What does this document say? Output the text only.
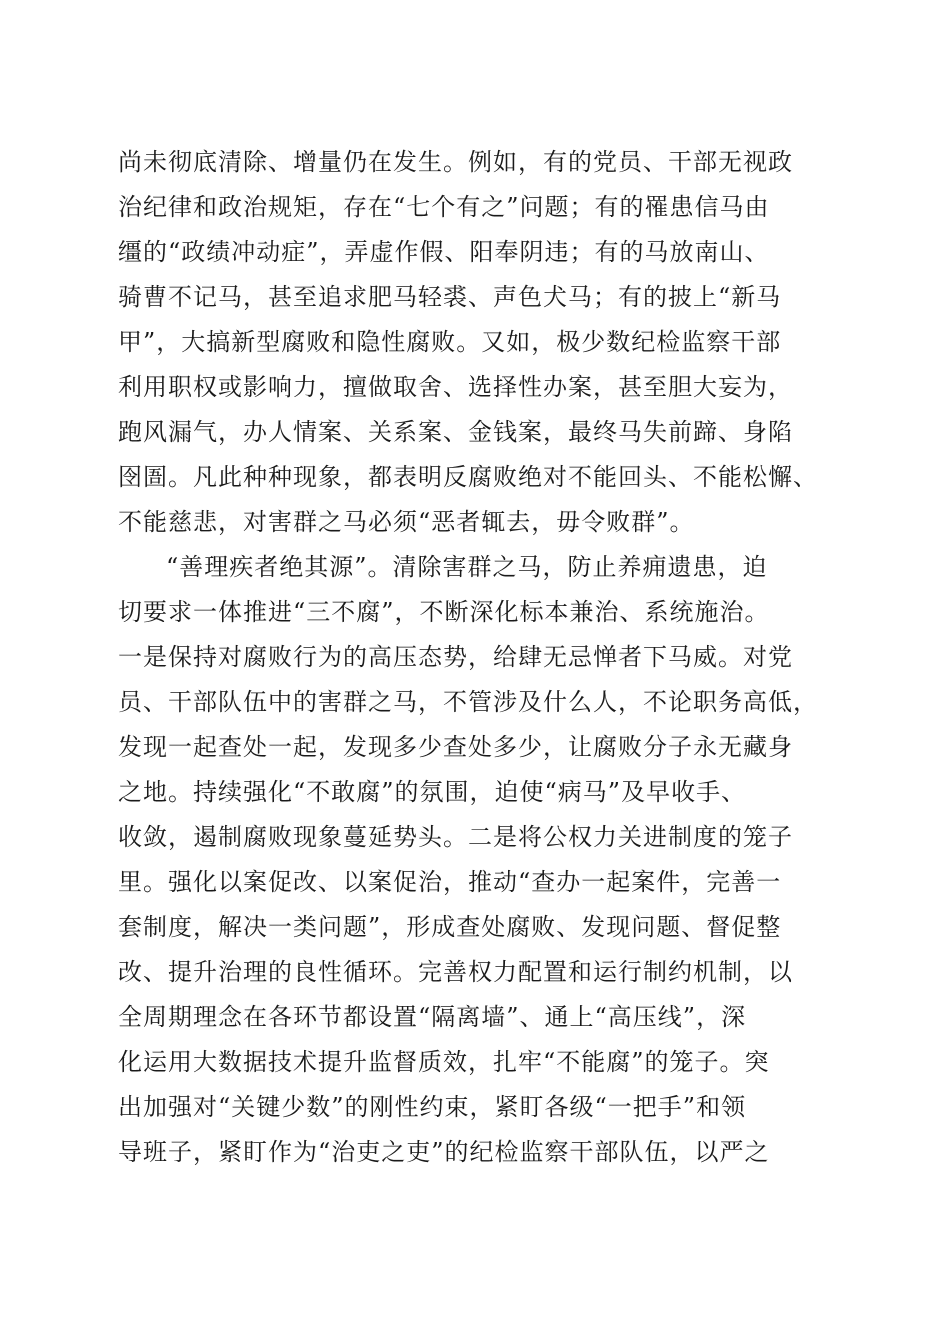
尚未彻底清除、增量仍在发生。例如，有的党员、干部无视政
治纪律和政治规矩，存在“七个有之”问题；有的罹患信马由
缰的“政绩冲动症”，弄虚作假、阳奉阴违；有的马放南山、
骑曹不记马，甚至追求肥马轻裘、声色犬马；有的披上“新马
甲”，大搞新型腐败和隐性腐败。又如，极少数纪检监察干部
利用职权或影响力，擅做取舍、选择性办案，甚至胆大妄为，
跑风漏气，办人情案、关系案、金钱案，最终马失前蹄、身陷
囹圄。凡此种种现象，都表明反腐败绝对不能回头、不能松懈、
不能慈悲，对害群之马必须“恶者辄去，毋令败群”。
“善理疾者绝其源”。清除害群之马，防止养痈遗患，迫
切要求一体推进“三不腐”，不断深化标本兼治、系统施治。
一是保持对腐败行为的高压态势，给肆无忌惮者下马威。对党
员、干部队伍中的害群之马，不管涉及什么人，不论职务高低，
发现一起查处一起，发现多少查处多少，让腐败分子永无藏身
之地。持续强化“不敢腐”的氛围，迫使“病马”及早收手、
收敛，遏制腐败现象蔓延势头。二是将公权力关进制度的笼子
里。强化以案促改、以案促治，推动“查办一起案件，完善一
套制度，解决一类问题”，形成查处腐败、发现问题、督促整
改、提升治理的良性循环。完善权力配置和运行制约机制，以
全周期理念在各环节都设置“隔离墙”、通上“高压线”，深
化运用大数据技术提升监督质效，扎牢“不能腐”的笼子。突
出加强对“关键少数”的刚性约束，紧盯各级“一把手”和领
导班子，紧盯作为“治吏之吏”的纪检监察干部队伍，以严之
